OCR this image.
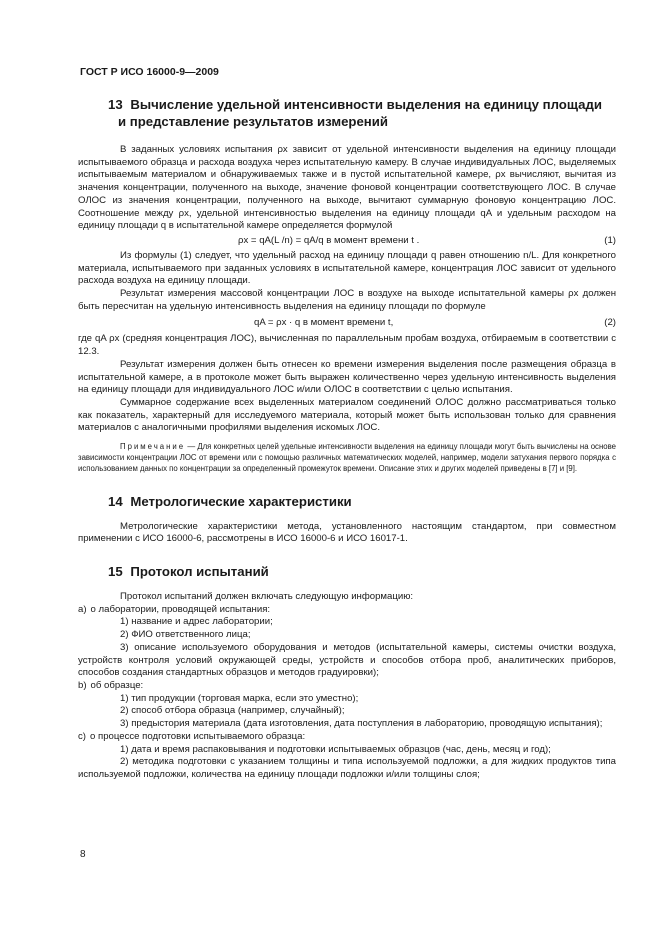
ГОСТ Р ИСО 16000-9—2009
13 Вычисление удельной интенсивности выделения на единицу площади
и представление результатов измерений

В заданных условиях испытания ρx зависит от удельной интенсивности выделения на единицу площади испытываемого образца и расхода воздуха через испытательную камеру. В случае индивидуальных ЛОС, выделяемых испытываемым материалом и обнаруживаемых также и в пустой испытательной камере, ρx вычисляют, вычитая из значения концентрации, полученного на выходе, значение фоновой концентрации соответствующего ЛОС. В случае ОЛОС из значения концентрации, полученного на выходе, вычитают суммарную фоновую концентрацию ЛОС. Соотношение между ρx, удельной интенсивностью выделения на единицу площади qA и удельным расходом на единицу площади q в испытательной камере определяется формулой

ρx = qA(L /n) = qA/q в момент времени t .	(1)

Из формулы (1) следует, что удельный расход на единицу площади q равен отношению n/L. Для конкретного материала, испытываемого при заданных условиях в испытательной камере, концентрация ЛОС зависит от удельного расхода воздуха на единицу площади.

Результат измерения массовой концентрации ЛОС в воздухе на выходе испытательной камеры ρx должен быть пересчитан на удельную интенсивность выделения на единицу площади по формуле

qA = ρx · q в момент времени t,	(2)

где qA ρx (средняя концентрация ЛОС), вычисленная по параллельным пробам воздуха, отбираемым в соответствии с 12.3.

Результат измерения должен быть отнесен ко времени измерения выделения после размещения образца в испытательной камере, а в протоколе может быть выражен количественно через удельную интенсивность выделения на единицу площади для индивидуального ЛОС и/или ОЛОС в соответствии с целью испытания.

Суммарное содержание всех выделенных материалом соединений ОЛОС должно рассматриваться только как показатель, характерный для исследуемого материала, который может быть использован только для сравнения материалов с аналогичными профилями выделения искомых ЛОС.

Примечание — Для конкретных целей удельные интенсивности выделения на единицу площади могут быть вычислены на основе зависимости концентрации ЛОС от времени или с помощью различных математических моделей, например, модели затухания первого порядка с использованием данных по концентрации за определенный промежуток времени. Описание этих и других моделей приведены в [7] и [9].

14 Метрологические характеристики

Метрологические характеристики метода, установленного настоящим стандартом, при совместном применении с ИСО 16000-6, рассмотрены в ИСО 16000-6 и ИСО 16017-1.

15 Протокол испытаний

Протокол испытаний должен включать следующую информацию:

а) о лаборатории, проводящей испытания:
1) название и адрес лаборатории;
2) ФИО ответственного лица;
3) описание используемого оборудования и методов (испытательной камеры, системы очистки воздуха, устройств контроля условий окружающей среды, устройств и способов отбора проб, аналитических приборов, способов создания стандартных образцов и методов градуировки);
b) об образце:
1) тип продукции (торговая марка, если это уместно);
2) способ отбора образца (например, случайный);
3) предыстория материала (дата изготовления, дата поступления в лабораторию, проводящую испытания);
с) о процессе подготовки испытываемого образца:
1) дата и время распаковывания и подготовки испытываемых образцов (час, день, месяц и год);
2) методика подготовки с указанием толщины и типа используемой подложки, а для жидких продуктов типа используемой подложки, количества на единицу площади подложки и/или толщины слоя;
8
